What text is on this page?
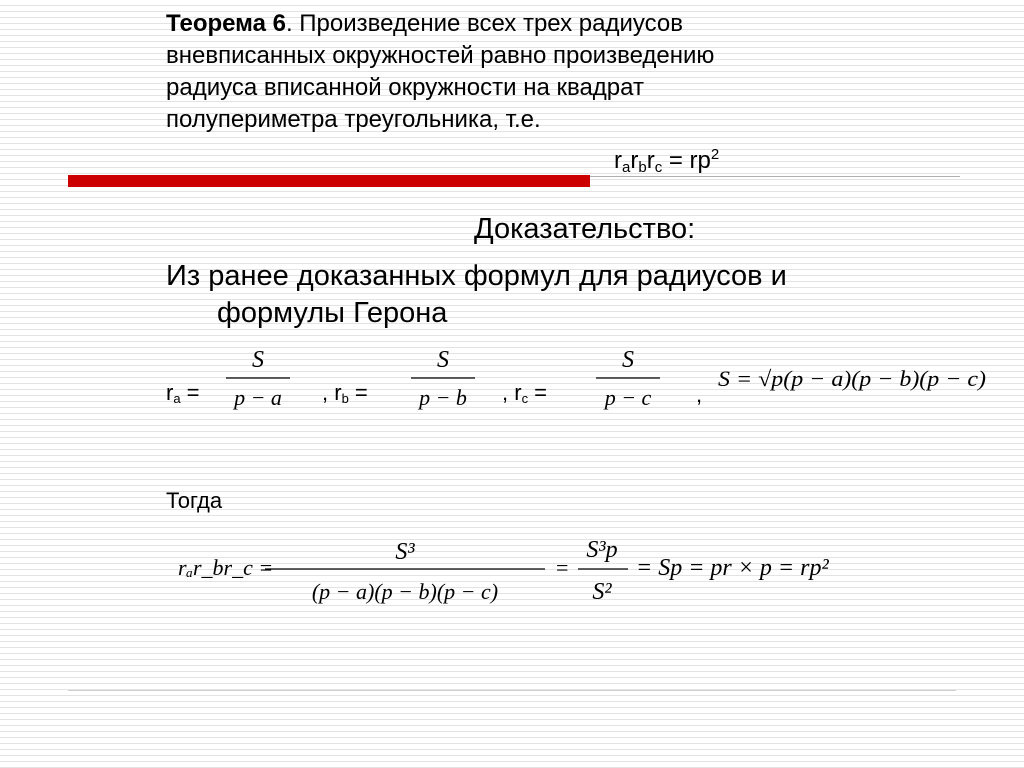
Теорема 6. Произведение всех трех радиусов
вневписанных окружностей равно произведению
радиуса вписанной окружности на квадрат
полупериметра треугольника, т.е.
$r_ar_br_c = rp^2$
Доказательство:
Из ранее доказанных формул для радиусов и
формулы Герона
$r_a$ =	, $r_b$ =	, $r_c$ =	,
S
p − a
S
p − b
S
p − c
S = √p(p − a)(p − b)(p − c)
Тогда
rₐr_br_c =
S³
(p − a)(p − b)(p − c)
=
S³p
S²
= Sp = pr × p = rp²
